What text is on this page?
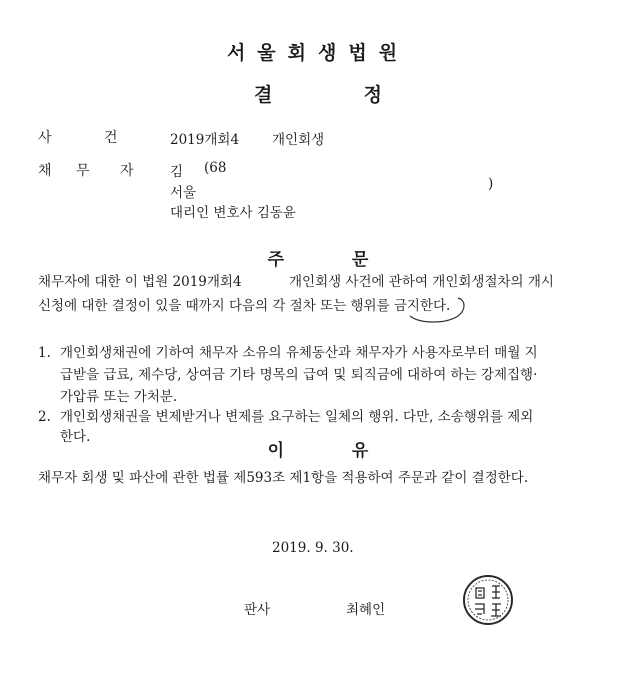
서울회생법원
결	정
사	건	2019개회4 개인회생
채 무 자	김 (68
서울
)
대리인 변호사 김동윤
주	문
채무자에 대한 이 법원 2019개회4	개인회생 사건에 관하여 개인회생절차의 개시
신청에 대한 결정이 있을 때까지 다음의 각 절차 또는 행위를 금지한다.
1. 개인회생채권에 기하여 채무자 소유의 유체동산과 채무자가 사용자로부터 매월 지
급받을 급료, 제수당, 상여금 기타 명목의 급여 및 퇴직금에 대하여 하는 강제집행·
가압류 또는 가처분.
2. 개인회생채권을 변제받거나 변제를 요구하는 일체의 행위. 다만, 소송행위를 제외
한다.
이	유
채무자 회생 및 파산에 관한 법률 제593조 제1항을 적용하여 주문과 같이 결정한다.
2019. 9. 30.
판사	최혜인
